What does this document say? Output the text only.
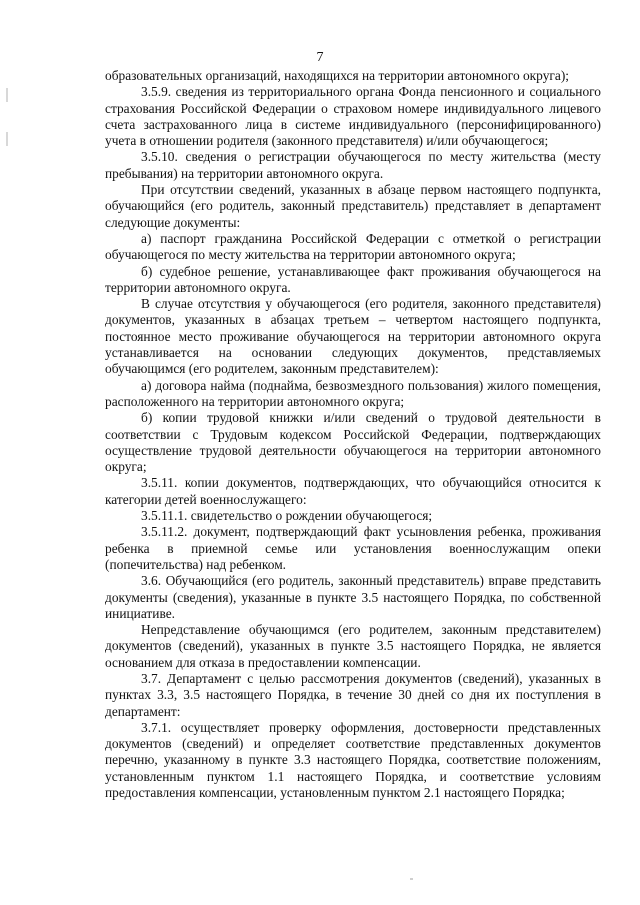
7

образовательных организаций, находящихся на территории автономного округа);

3.5.9. сведения из территориального органа Фонда пенсионного и социального страхования Российской Федерации о страховом номере индивидуального лицевого счета застрахованного лица в системе индивидуального (персонифицированного) учета в отношении родителя (законного представителя) и/или обучающегося;

3.5.10. сведения о регистрации обучающегося по месту жительства (месту пребывания) на территории автономного округа.

При отсутствии сведений, указанных в абзаце первом настоящего подпункта, обучающийся (его родитель, законный представитель) представляет в департамент следующие документы:

а) паспорт гражданина Российской Федерации с отметкой о регистрации обучающегося по месту жительства на территории автономного округа;

б) судебное решение, устанавливающее факт проживания обучающегося на территории автономного округа.

В случае отсутствия у обучающегося (его родителя, законного представителя) документов, указанных в абзацах третьем – четвертом настоящего подпункта, постоянное место проживание обучающегося на территории автономного округа устанавливается на основании следующих документов, представляемых обучающимся (его родителем, законным представителем):

а) договора найма (поднайма, безвозмездного пользования) жилого помещения, расположенного на территории автономного округа;

б) копии трудовой книжки и/или сведений о трудовой деятельности в соответствии с Трудовым кодексом Российской Федерации, подтверждающих осуществление трудовой деятельности обучающегося на территории автономного округа;

3.5.11. копии документов, подтверждающих, что обучающийся относится к категории детей военнослужащего:

3.5.11.1. свидетельство о рождении обучающегося;

3.5.11.2. документ, подтверждающий факт усыновления ребенка, проживания ребенка в приемной семье или установления военнослужащим опеки (попечительства) над ребенком.

3.6. Обучающийся (его родитель, законный представитель) вправе представить документы (сведения), указанные в пункте 3.5 настоящего Порядка, по собственной инициативе.

Непредставление обучающимся (его родителем, законным представителем) документов (сведений), указанных в пункте 3.5 настоящего Порядка, не является основанием для отказа в предоставлении компенсации.

3.7. Департамент с целью рассмотрения документов (сведений), указанных в пунктах 3.3, 3.5 настоящего Порядка, в течение 30 дней со дня их поступления в департамент:

3.7.1. осуществляет проверку оформления, достоверности представленных документов (сведений) и определяет соответствие представленных документов перечню, указанному в пункте 3.3 настоящего Порядка, соответствие положениям, установленным пунктом 1.1 настоящего Порядка, и соответствие условиям предоставления компенсации, установленным пунктом 2.1 настоящего Порядка;
